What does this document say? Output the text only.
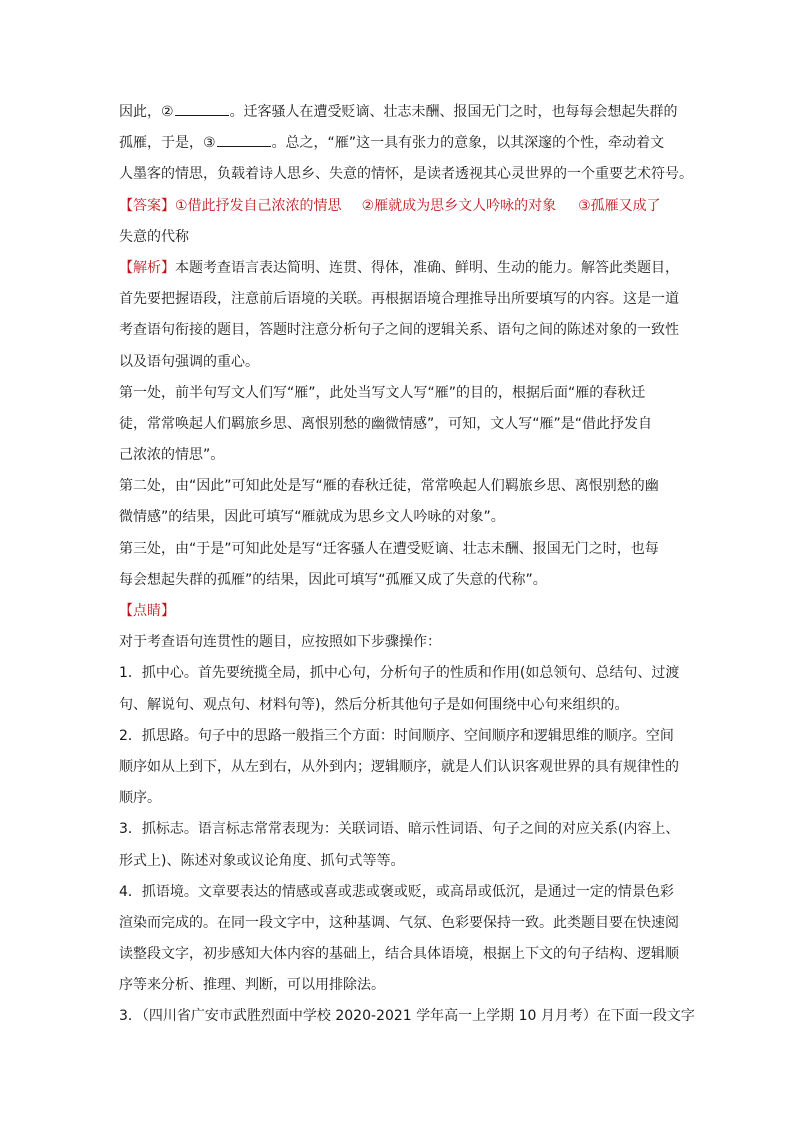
因此，②	。迁客骚人在遭受贬谪、壮志未酬、报国无门之时，也每每会想起失群的
孤雁，于是，③	。总之，“雁”这一具有张力的意象，以其深邃的个性，牵动着文
人墨客的情思，负载着诗人思乡、失意的情怀，是读者透视其心灵世界的一个重要艺术符号。
【答案】①借此抒发自己浓浓的情思 ②雁就成为思乡文人吟咏的对象 ③孤雁又成了
失意的代称
【解析】本题考查语言表达简明、连贯、得体，准确、鲜明、生动的能力。解答此类题目，
首先要把握语段，注意前后语境的关联。再根据语境合理推导出所要填写的内容。这是一道
考查语句衔接的题目，答题时注意分析句子之间的逻辑关系、语句之间的陈述对象的一致性
以及语句强调的重心。
第一处，前半句写文人们写“雁”，此处当写文人写“雁”的目的，根据后面“雁的春秋迁
徒，常常唤起人们羁旅乡思、离恨别愁的幽微情感”，可知，文人写“雁”是“借此抒发自
己浓浓的情思”。
第二处，由“因此”可知此处是写“雁的春秋迁徒，常常唤起人们羁旅乡思、离恨别愁的幽
微情感”的结果，因此可填写“雁就成为思乡文人吟咏的对象”。
第三处，由“于是”可知此处是写“迁客骚人在遭受贬谪、壮志未酬、报国无门之时，也每
每会想起失群的孤雁”的结果，因此可填写“孤雁又成了失意的代称”。
【点睛】
对于考查语句连贯性的题目，应按照如下步骤操作：
1．抓中心。首先要统揽全局，抓中心句，分析句子的性质和作用(如总领句、总结句、过渡
句、解说句、观点句、材料句等)，然后分析其他句子是如何围绕中心句来组织的。
2．抓思路。句子中的思路一般指三个方面：时间顺序、空间顺序和逻辑思维的顺序。空间
顺序如从上到下，从左到右，从外到内；逻辑顺序，就是人们认识客观世界的具有规律性的
顺序。
3．抓标志。语言标志常常表现为：关联词语、暗示性词语、句子之间的对应关系(内容上、
形式上)、陈述对象或议论角度、抓句式等等。
4．抓语境。文章要表达的情感或喜或悲或褒或贬，或高昂或低沉，是通过一定的情景色彩
渲染而完成的。在同一段文字中，这种基调、气氛、色彩要保持一致。此类题目要在快速阅
读整段文字，初步感知大体内容的基础上，结合具体语境，根据上下文的句子结构、逻辑顺
序等来分析、推理、判断，可以用排除法。
3．（四川省广安市武胜烈面中学校 2020-2021 学年高一上学期 10 月月考）在下面一段文字
